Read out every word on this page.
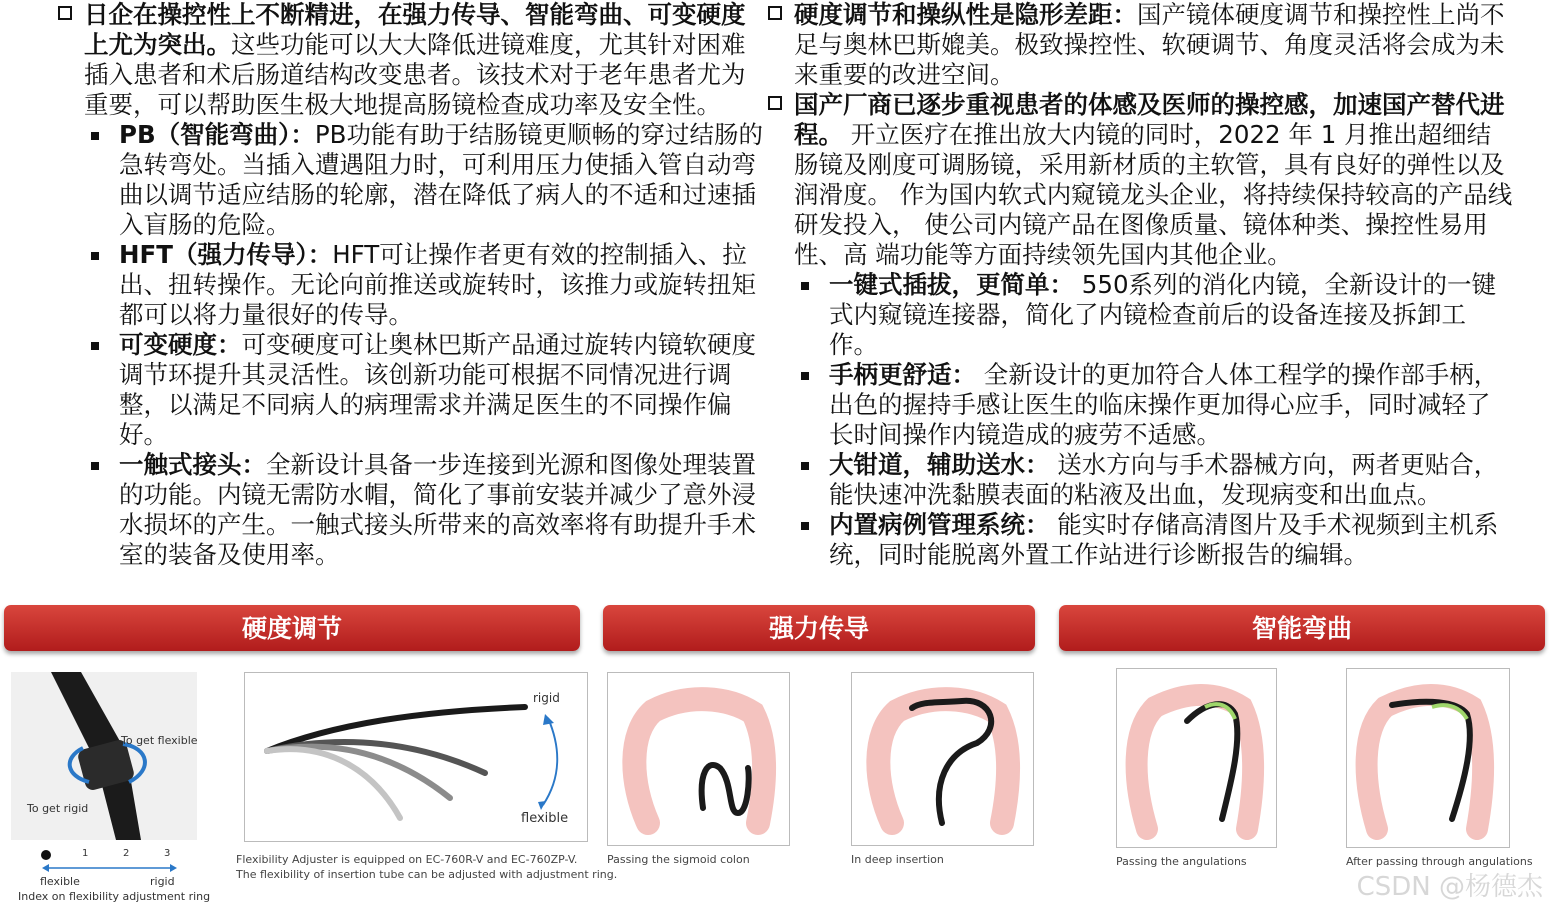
日企在操控性上不断精进，在强力传导、智能弯曲、可变硬度上尤为突出。这些功能可以大大降低进镜难度，尤其针对困难插入患者和术后肠道结构改变患者。该技术对于老年患者尤为重要，可以帮助医生极大地提高肠镜检查成功率及安全性。

PB（智能弯曲）：PB功能有助于结肠镜更顺畅的穿过结肠的急转弯处。当插入遭遇阻力时，可利用压力使插入管自动弯曲以调节适应结肠的轮廓，潜在降低了病人的不适和过速插入盲肠的危险。

HFT（强力传导）：HFT可让操作者更有效的控制插入、拉出、扭转操作。无论向前推送或旋转时，该推力或旋转扭矩都可以将力量很好的传导。

可变硬度：可变硬度可让奥林巴斯产品通过旋转内镜软硬度调节环提升其灵活性。该创新功能可根据不同情况进行调整，以满足不同病人的病理需求并满足医生的不同操作偏好。

一触式接头：全新设计具备一步连接到光源和图像处理装置的功能。内镜无需防水帽，简化了事前安装并减少了意外浸水损坏的产生。一触式接头所带来的高效率将有助提升手术室的装备及使用率。

硬度调节和操纵性是隐形差距：国产镜体硬度调节和操控性上尚不足与奥林巴斯媲美。极致操控性、软硬调节、角度灵活将会成为未来重要的改进空间。

国产厂商已逐步重视患者的体感及医师的操控感，加速国产替代进程。 开立医疗在推出放大内镜的同时，2022 年 1 月推出超细结肠镜及刚度可调肠镜，采用新材质的主软管，具有良好的弹性以及润滑度。 作为国内软式内窥镜龙头企业，将持续保持较高的产品线研发投入， 使公司内镜产品在图像质量、镜体种类、操控性易用性、高 端功能等方面持续领先国内其他企业。

一键式插拔，更简单： 550系列的消化内镜，全新设计的一键式内窥镜连接器，简化了内镜检查前后的设备连接及拆卸工作。

手柄更舒适： 全新设计的更加符合人体工程学的操作部手柄，出色的握持手感让医生的临床操作更加得心应手，同时减轻了长时间操作内镜造成的疲劳不适感。

大钳道，辅助送水： 送水方向与手术器械方向，两者更贴合，能快速冲洗黏膜表面的粘液及出血，发现病变和出血点。

内置病例管理系统： 能实时存储高清图片及手术视频到主机系统，同时能脱离外置工作站进行诊断报告的编辑。

硬度调节	强力传导	智能弯曲
To get flexible
To get rigid
1	2	3
flexible	rigid
Index on flexibility adjustment ring
rigid
flexible
Flexibility Adjuster is equipped on EC-760R-V and EC-760ZP-V.
The flexibility of insertion tube can be adjusted with adjustment ring.
Passing the sigmoid colon	In deep insertion	Passing the angulations	After passing through angulations
CSDN @杨德杰
